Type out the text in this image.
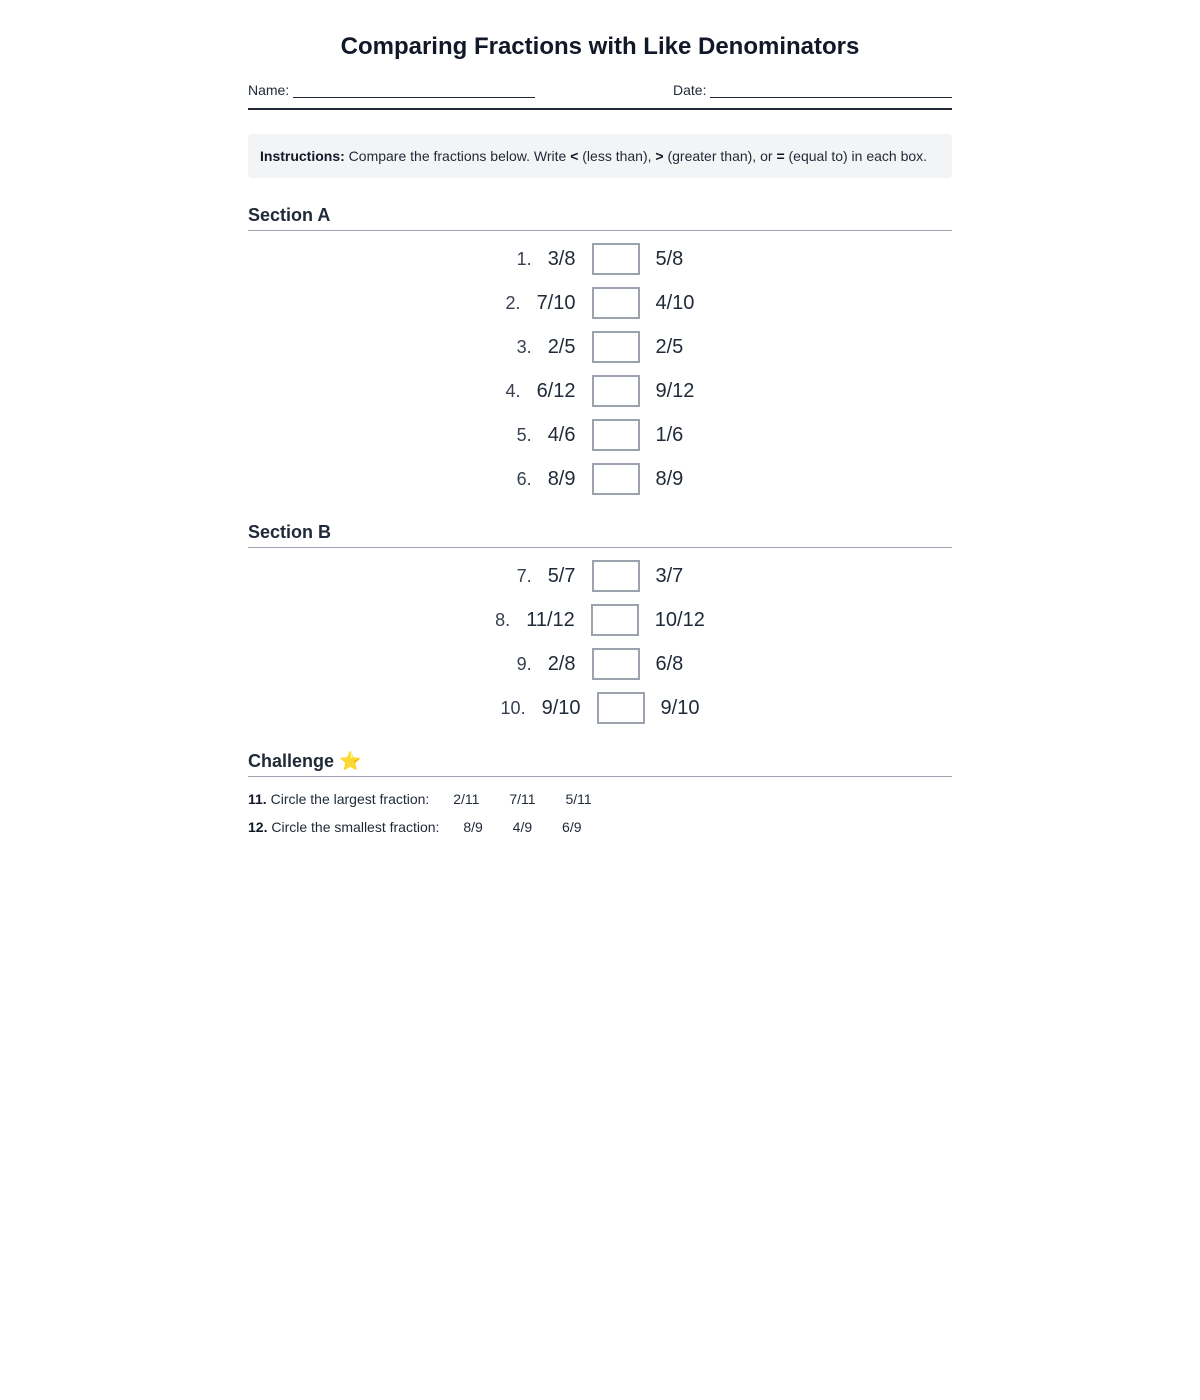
Comparing Fractions with Like Denominators
Name:	Date:
Instructions: Compare the fractions below. Write < (less than), > (greater than), or = (equal to) in each box.
Section A
1. 3/8	5/8
2. 7/10	4/10
3. 2/5	2/5
4. 6/12	9/12
5. 4/6	1/6
6. 8/9	8/9
Section B
7. 5/7	3/7
8. 11/12	10/12
9. 2/8	6/8
10. 9/10	9/10
Challenge ⭐
11. Circle the largest fraction: 2/11 7/11 5/11
12. Circle the smallest fraction: 8/9 4/9 6/9
